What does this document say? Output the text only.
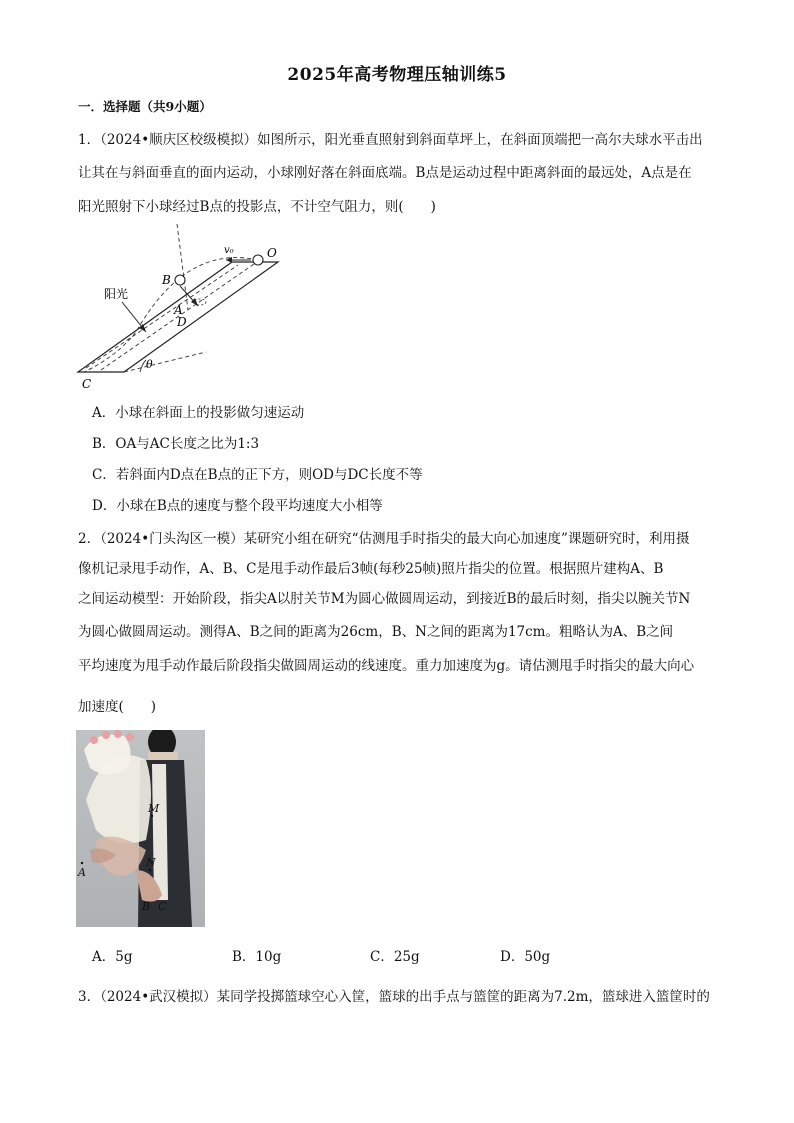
2025年高考物理压轴训练5
一．选择题（共9小题）
1．（2024•顺庆区校级模拟）如图所示，阳光垂直照射到斜面草坪上，在斜面顶端把一高尔夫球水平击出
让其在与斜面垂直的面内运动，小球刚好落在斜面底端。B点是运动过程中距离斜面的最远处，A点是在
阳光照射下小球经过B点的投影点，不计空气阻力，则(　　)
阳光
v₀	O
B
A
D
C
θ
A．小球在斜面上的投影做匀速运动
B．OA与AC长度之比为1:3
C．若斜面内D点在B点的正下方，则OD与DC长度不等
D．小球在B点的速度与整个段平均速度大小相等
2．（2024•门头沟区一模）某研究小组在研究“估测甩手时指尖的最大向心加速度”课题研究时，利用摄
像机记录甩手动作，A、B、C是甩手动作最后3帧(每秒25帧)照片指尖的位置。根据照片建构A、B
之间运动模型：开始阶段，指尖A以肘关节M为圆心做圆周运动，到接近B的最后时刻，指尖以腕关节N
为圆心做圆周运动。测得A、B之间的距离为26cm，B、N之间的距离为17cm。粗略认为A、B之间
平均速度为甩手动作最后阶段指尖做圆周运动的线速度。重力加速度为g。请估测甩手时指尖的最大向心
加速度(　　)
M
N
A
B C
A．5g	B．10g	C．25g	D．50g
3．（2024•武汉模拟）某同学投掷篮球空心入筐，篮球的出手点与篮筐的距离为7.2m，篮球进入篮筐时的
